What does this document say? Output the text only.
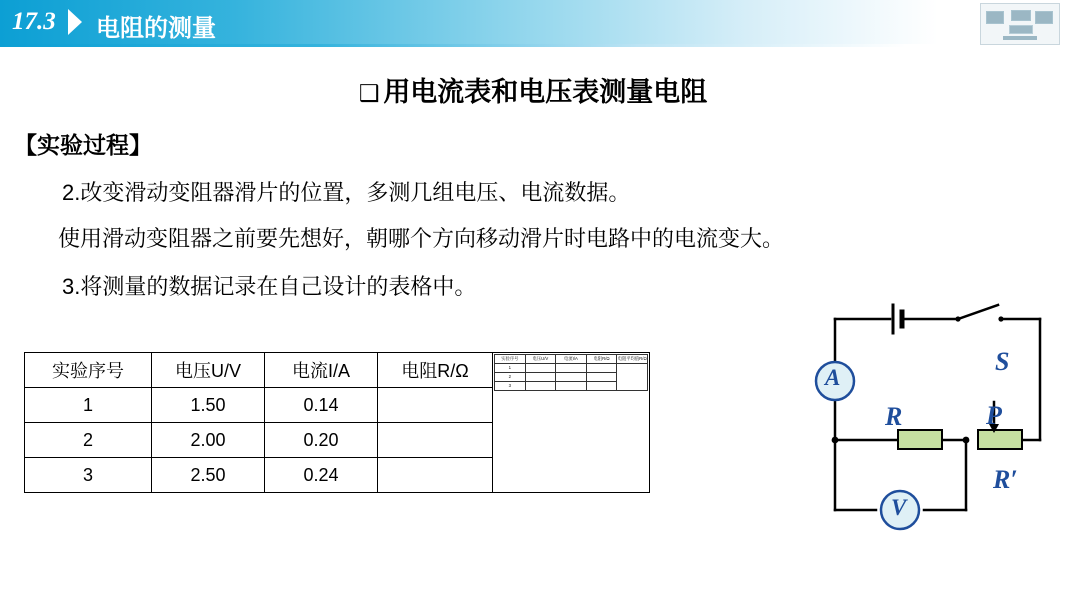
17.3 电阻的测量
❑ 用电流表和电压表测量电阻
【实验过程】
2.改变滑动变阻器滑片的位置，多测几组电压、电流数据。
使用滑动变阻器之前要先想好，朝哪个方向移动滑片时电路中的电流变大。
3.将测量的数据记录在自己设计的表格中。
实验序号	电压U/V	电流I/A	电阻R/Ω	
实验序号	电压U/V	电流I/A	电阻R/Ω	电阻平均值R/Ω
1				
2			
3			

1	1.50	0.14	
2	2.00	0.20	
3	2.50	0.24	
A
V
S
R	P
R′
